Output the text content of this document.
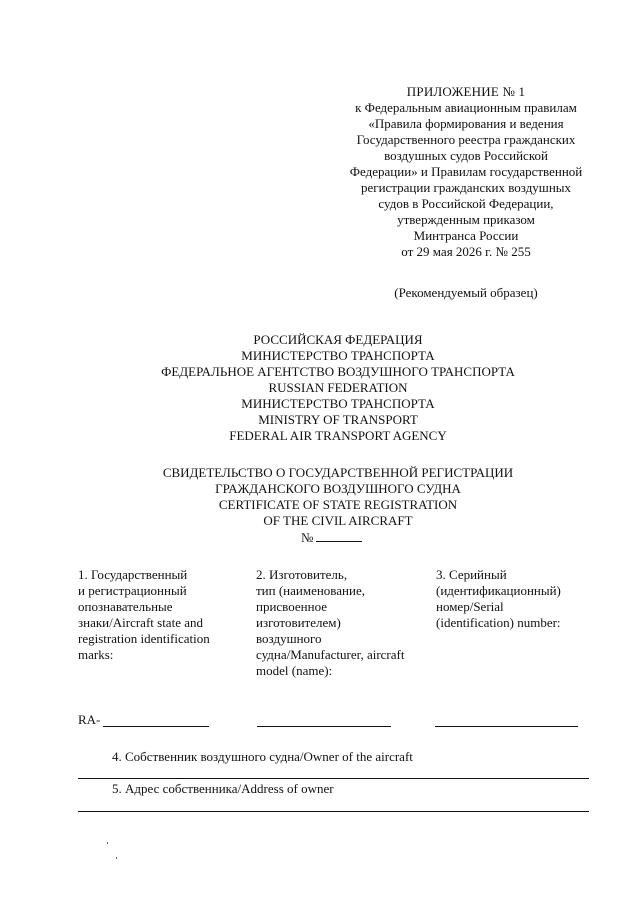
ПРИЛОЖЕНИЕ № 1
к Федеральным авиационным правилам
«Правила формирования и ведения
Государственного реестра гражданских
воздушных судов Российской
Федерации» и Правилам государственной
регистрации гражданских воздушных
судов в Российской Федерации,
утвержденным приказом
Минтранса России
от 29 мая 2026 г. № 255
(Рекомендуемый образец)
РОССИЙСКАЯ ФЕДЕРАЦИЯ
МИНИСТЕРСТВО ТРАНСПОРТА
ФЕДЕРАЛЬНОЕ АГЕНТСТВО ВОЗДУШНОГО ТРАНСПОРТА
RUSSIAN FEDERATION
МИНИСТЕРСТВО ТРАНСПОРТА
MINISTRY OF TRANSPORT
FEDERAL AIR TRANSPORT AGENCY
СВИДЕТЕЛЬСТВО О ГОСУДАРСТВЕННОЙ РЕГИСТРАЦИИ
ГРАЖДАНСКОГО ВОЗДУШНОГО СУДНА
CERTIFICATE OF STATE REGISTRATION
OF THE CIVIL AIRCRAFT
№
1. Государственный
и регистрационный
опознавательные
знаки/Aircraft state and
registration identification
marks:
2. Изготовитель,
тип (наименование,
присвоенное
изготовителем)
воздушного
судна/Manufacturer, aircraft
model (name):
3. Серийный
(идентификационный)
номер/Serial
(identification) number:
RA-
4. Собственник воздушного судна/Owner of the aircraft
5. Адрес собственника/Address of owner
